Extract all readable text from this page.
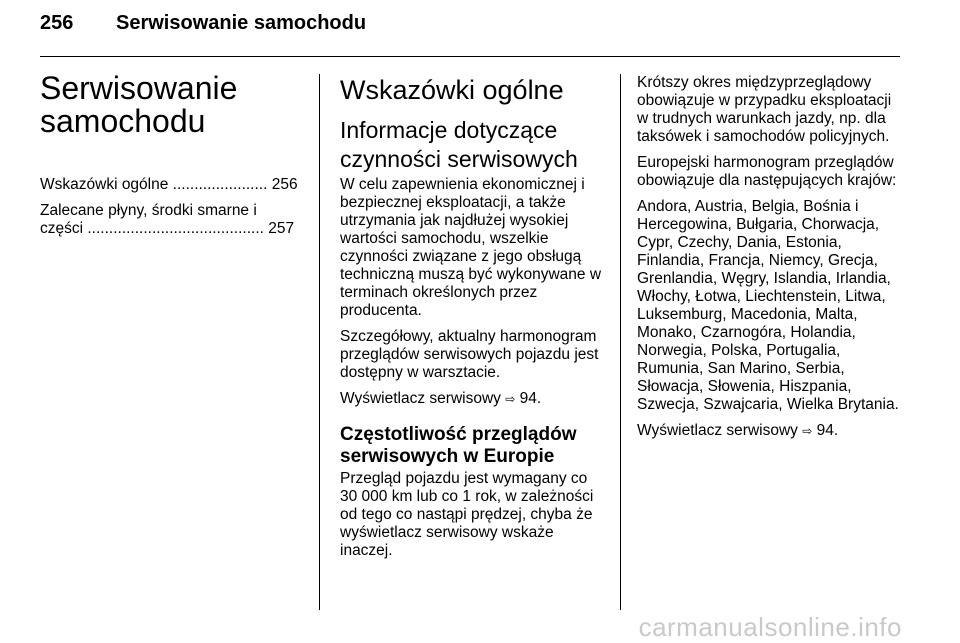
256 Serwisowanie samochodu
Serwisowanie samochodu
Wskazówki ogólne ...................... 256
Zalecane płyny, środki smarne i części ......................................... 257
Wskazówki ogólne
Informacje dotyczące czynności serwisowych

W celu zapewnienia ekonomicznej i bezpiecznej eksploatacji, a także utrzymania jak najdłużej wysokiej wartości samochodu, wszelkie czynności związane z jego obsługą techniczną muszą być wykonywane w terminach określonych przez producenta.

Szczegółowy, aktualny harmonogram przeglądów serwisowych pojazdu jest dostępny w warsztacie.

Wyświetlacz serwisowy ⇨ 94.

Częstotliwość przeglądów serwisowych w Europie

Przegląd pojazdu jest wymagany co 30 000 km lub co 1 rok, w zależności od tego co nastąpi prędzej, chyba że wyświetlacz serwisowy wskaże inaczej.

Krótszy okres międzyprzeglądowy obowiązuje w przypadku eksploatacji w trudnych warunkach jazdy, np. dla taksówek i samochodów policyjnych.

Europejski harmonogram przeglądów obowiązuje dla następujących krajów:

Andora, Austria, Belgia, Bośnia i Hercegowina, Bułgaria, Chorwacja, Cypr, Czechy, Dania, Estonia, Finlandia, Francja, Niemcy, Grecja, Grenlandia, Węgry, Islandia, Irlandia, Włochy, Łotwa, Liechtenstein, Litwa, Luksemburg, Macedonia, Malta, Monako, Czarnogóra, Holandia, Norwegia, Polska, Portugalia, Rumunia, San Marino, Serbia, Słowacja, Słowenia, Hiszpania, Szwecja, Szwajcaria, Wielka Brytania.

Wyświetlacz serwisowy ⇨ 94.

carmanualsonline.info
